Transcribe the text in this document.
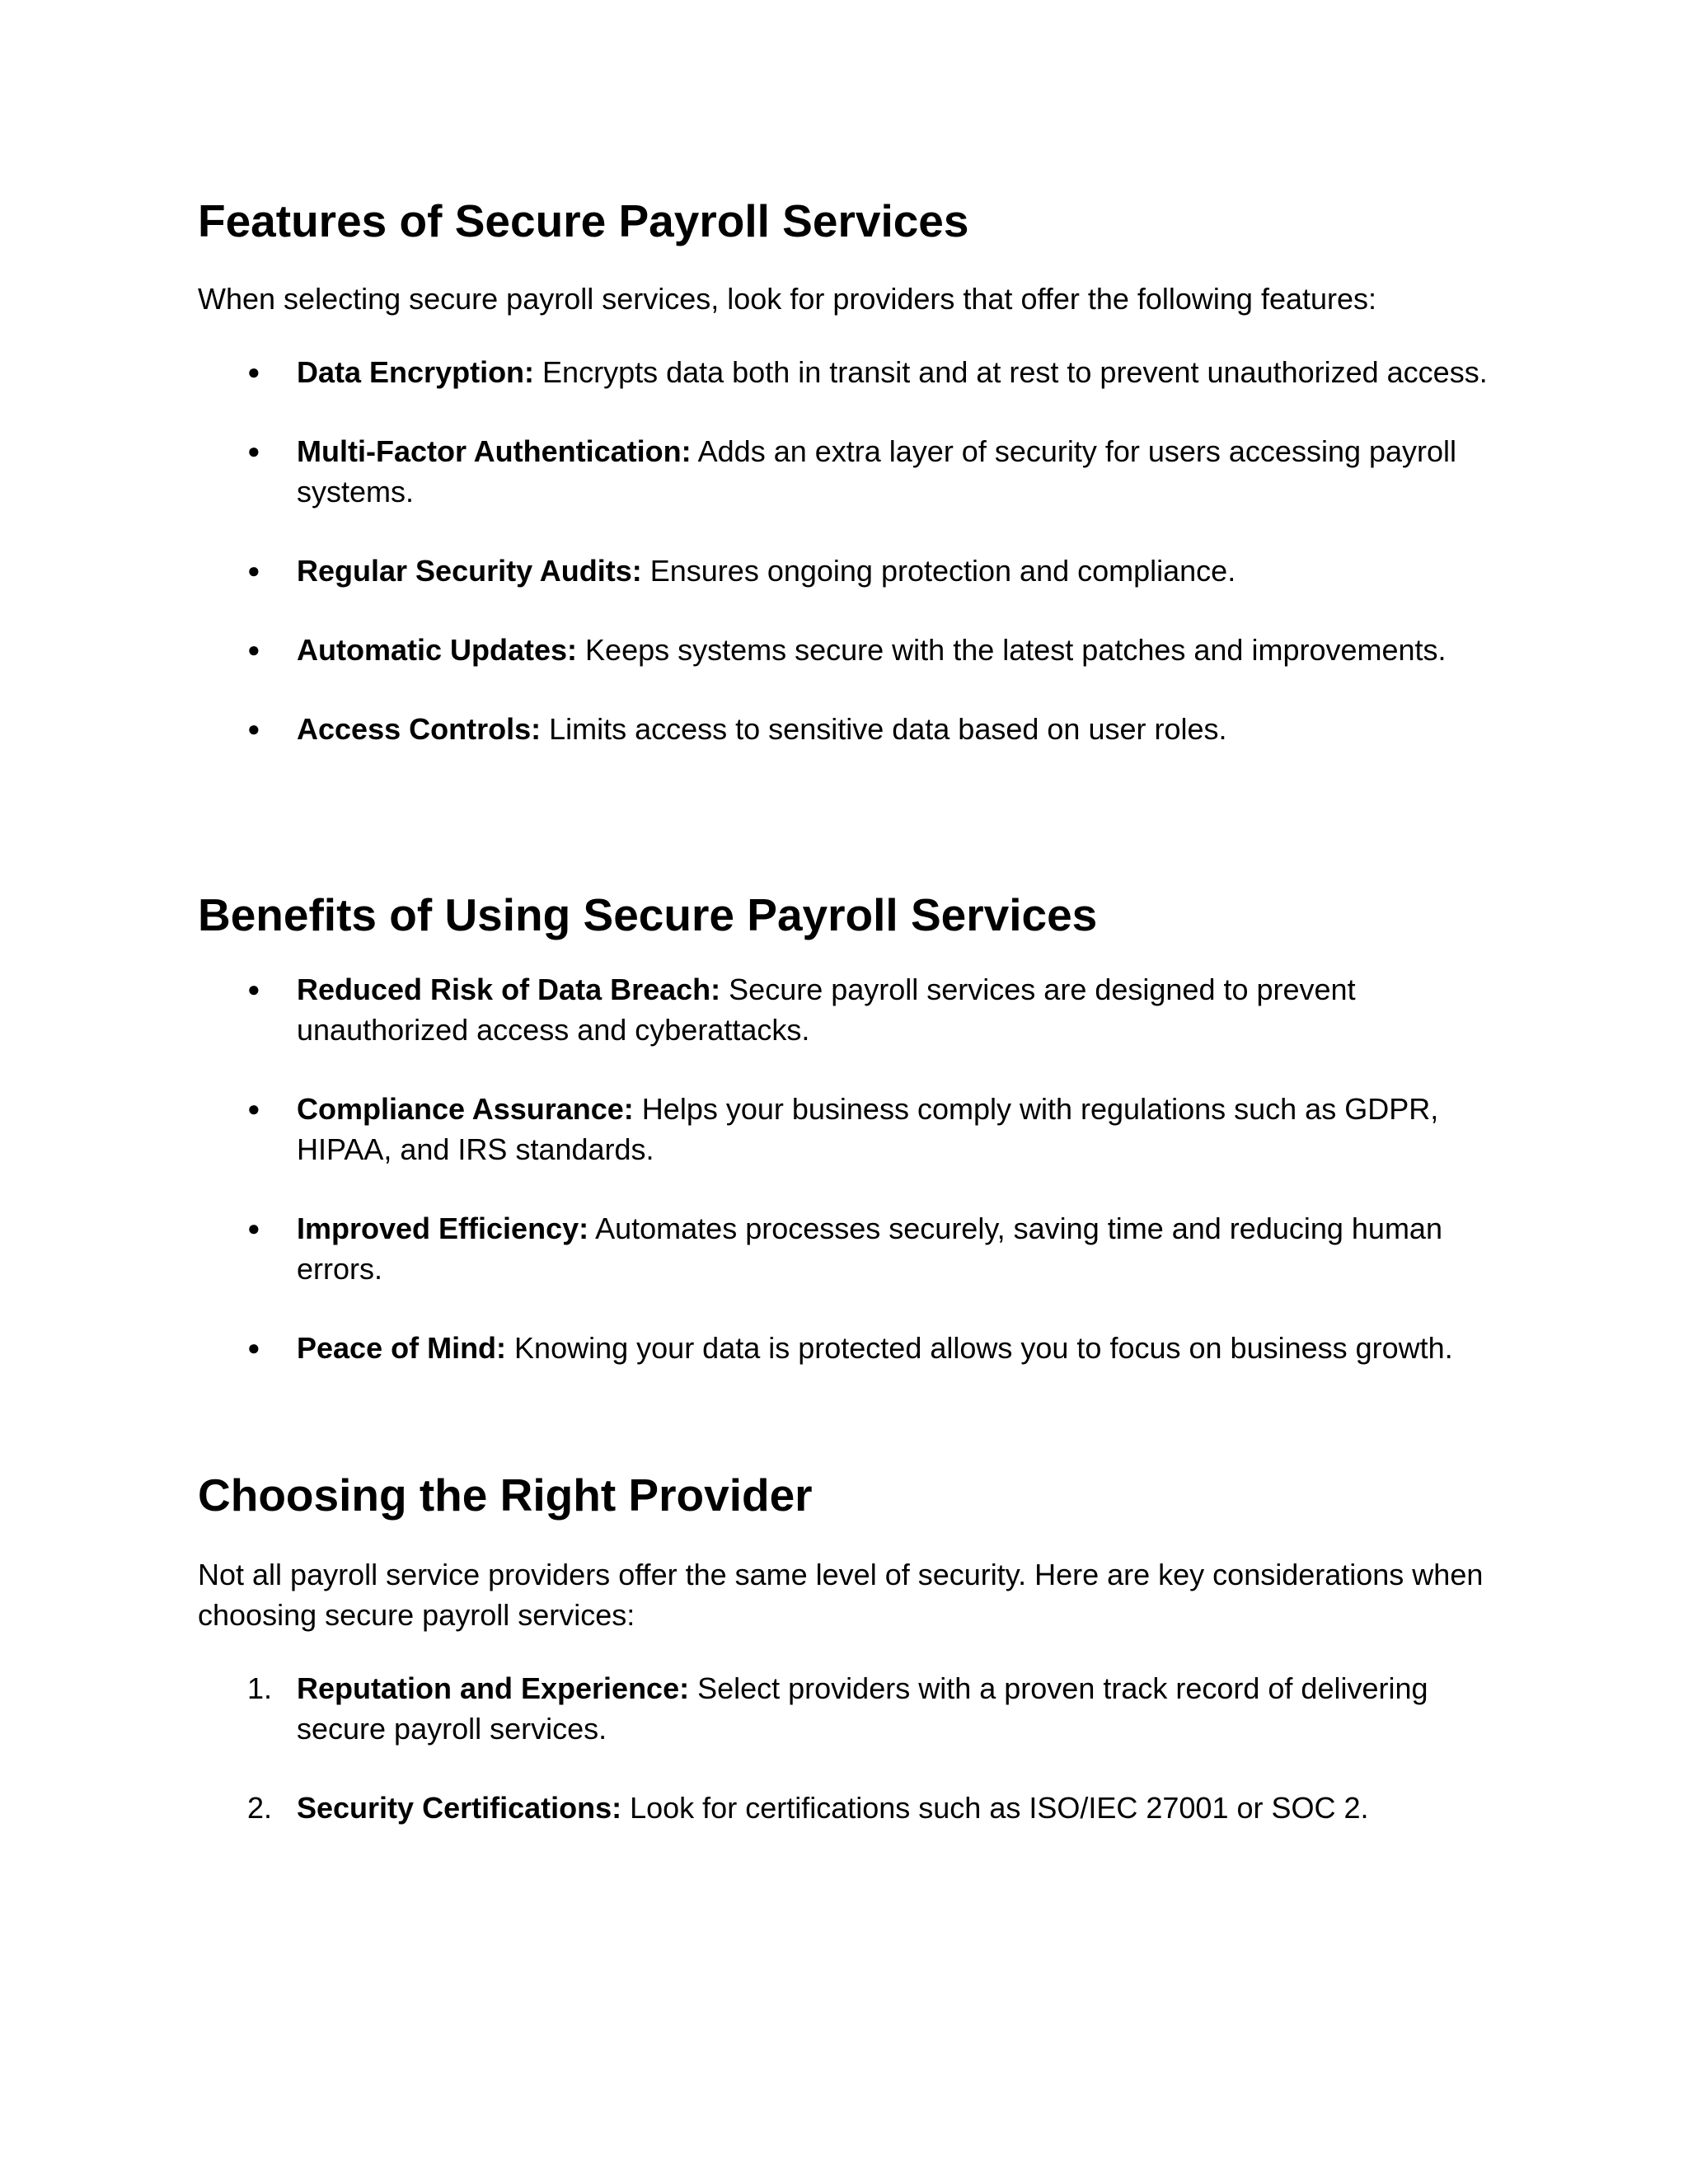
Features of Secure Payroll Services

When selecting secure payroll services, look for providers that offer the following features:

●	Data Encryption: Encrypts data both in transit and at rest to prevent unauthorized access.
●	Multi-Factor Authentication: Adds an extra layer of security for users accessing payroll systems.
●	Regular Security Audits: Ensures ongoing protection and compliance.
●	Automatic Updates: Keeps systems secure with the latest patches and improvements.
●	Access Controls: Limits access to sensitive data based on user roles.
Benefits of Using Secure Payroll Services
●	Reduced Risk of Data Breach: Secure payroll services are designed to prevent unauthorized access and cyberattacks.
●	Compliance Assurance: Helps your business comply with regulations such as GDPR, HIPAA, and IRS standards.
●	Improved Efficiency: Automates processes securely, saving time and reducing human errors.
●	Peace of Mind: Knowing your data is protected allows you to focus on business growth.
Choosing the Right Provider

Not all payroll service providers offer the same level of security. Here are key considerations when choosing secure payroll services:

1. Reputation and Experience: Select providers with a proven track record of delivering secure payroll services.
2. Security Certifications: Look for certifications such as ISO/IEC 27001 or SOC 2.
